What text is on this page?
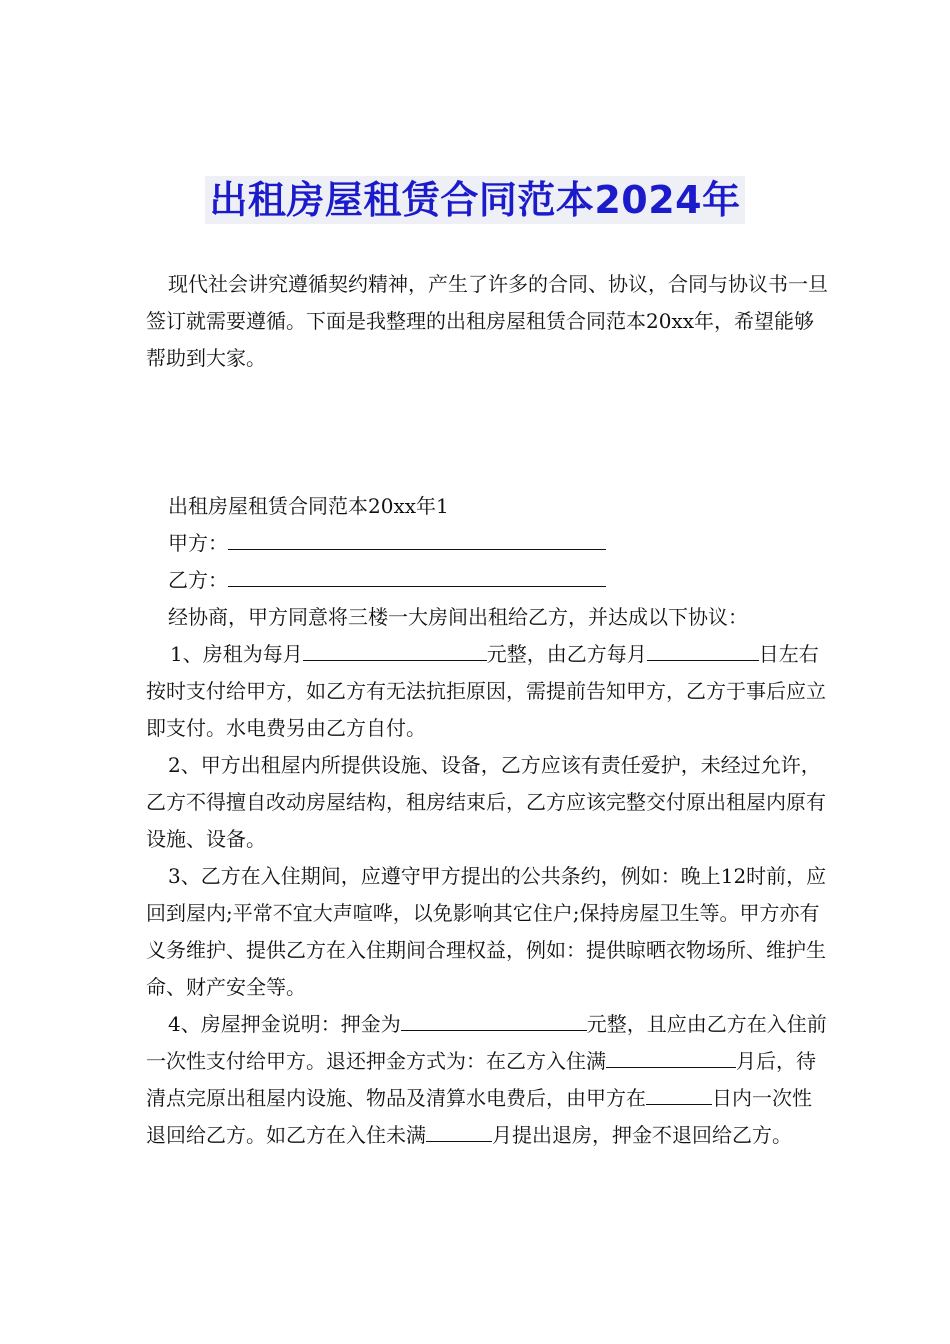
出租房屋租赁合同范本2024年
现代社会讲究遵循契约精神，产生了许多的合同、协议，合同与协议书一旦签订就需要遵循。下面是我整理的出租房屋租赁合同范本20xx年，希望能够帮助到大家。
出租房屋租赁合同范本20xx年1
甲方：
乙方：
经协商，甲方同意将三楼一大房间出租给乙方，并达成以下协议：
1、房租为每月	元整，由乙方每月	日左右按时支付给甲方，如乙方有无法抗拒原因，需提前告知甲方，乙方于事后应立即支付。水电费另由乙方自付。
2、甲方出租屋内所提供设施、设备，乙方应该有责任爱护，未经过允许，乙方不得擅自改动房屋结构，租房结束后，乙方应该完整交付原出租屋内原有设施、设备。
3、乙方在入住期间，应遵守甲方提出的公共条约，例如：晚上12时前，应回到屋内;平常不宜大声喧哗，以免影响其它住户;保持房屋卫生等。甲方亦有义务维护、提供乙方在入住期间合理权益，例如：提供晾晒衣物场所、维护生命、财产安全等。
4、房屋押金说明：押金为	元整，且应由乙方在入住前一次性支付给甲方。退还押金方式为：在乙方入住满	月后，待清点完原出租屋内设施、物品及清算水电费后，由甲方在	日内一次性退回给乙方。如乙方在入住未满	月提出退房，押金不退回给乙方。
